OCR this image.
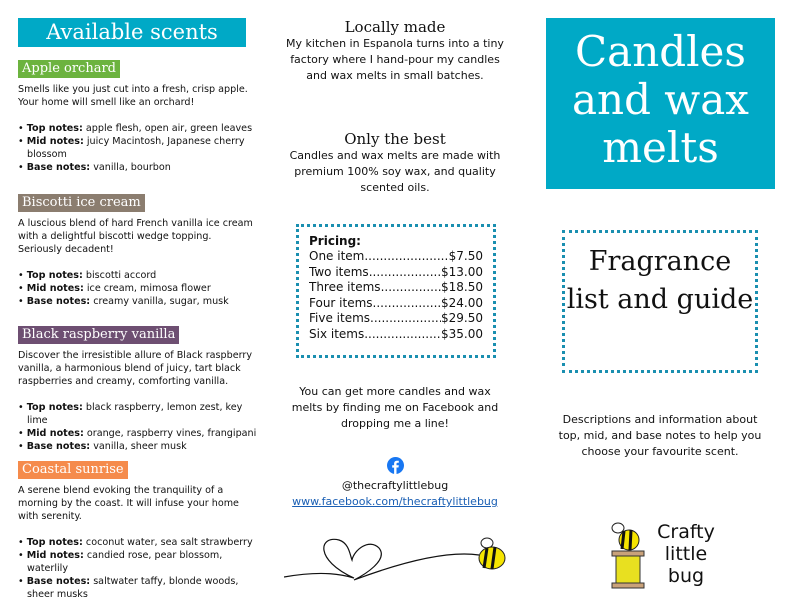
Available scents
Apple orchard
Smells like you just cut into a fresh, crisp apple. Your home will smell like an orchard!
• Top notes: apple flesh, open air, green leaves
• Mid notes: juicy Macintosh, Japanese cherry blossom
• Base notes: vanilla, bourbon
Biscotti ice cream
A luscious blend of hard French vanilla ice cream with a delightful biscotti wedge topping. Seriously decadent!
• Top notes: biscotti accord
• Mid notes: ice cream, mimosa flower
• Base notes: creamy vanilla, sugar, musk
Black raspberry vanilla
Discover the irresistible allure of Black raspberry vanilla, a harmonious blend of juicy, tart black raspberries and creamy, comforting vanilla.
• Top notes: black raspberry, lemon zest, key lime
• Mid notes: orange, raspberry vines, frangipani
• Base notes: vanilla, sheer musk
Coastal sunrise
A serene blend evoking the tranquility of a morning by the coast. It will infuse your home with serenity.
• Top notes: coconut water, sea salt strawberry
• Mid notes: candied rose, pear blossom, waterlily
• Base notes: saltwater taffy, blonde woods, sheer musks
Locally made
My kitchen in Espanola turns into a tiny factory where I hand-pour my candles and wax melts in small batches.
Only the best
Candles and wax melts are made with premium 100% soy wax, and quality scented oils.
Pricing:
One item .....	$7.50
Two items .....	$13.00
Three items .....	$18.50
Four items .....	$24.00
Five items .....	$29.50
Six items .....	$35.00
You can get more candles and wax melts by finding me on Facebook and dropping me a line!
@thecraftylittlebug
www.facebook.com/thecraftylittlebug
Candles and wax melts
Fragrance list and guide
Descriptions and information about top, mid, and base notes to help you choose your favourite scent.
Crafty little bug
